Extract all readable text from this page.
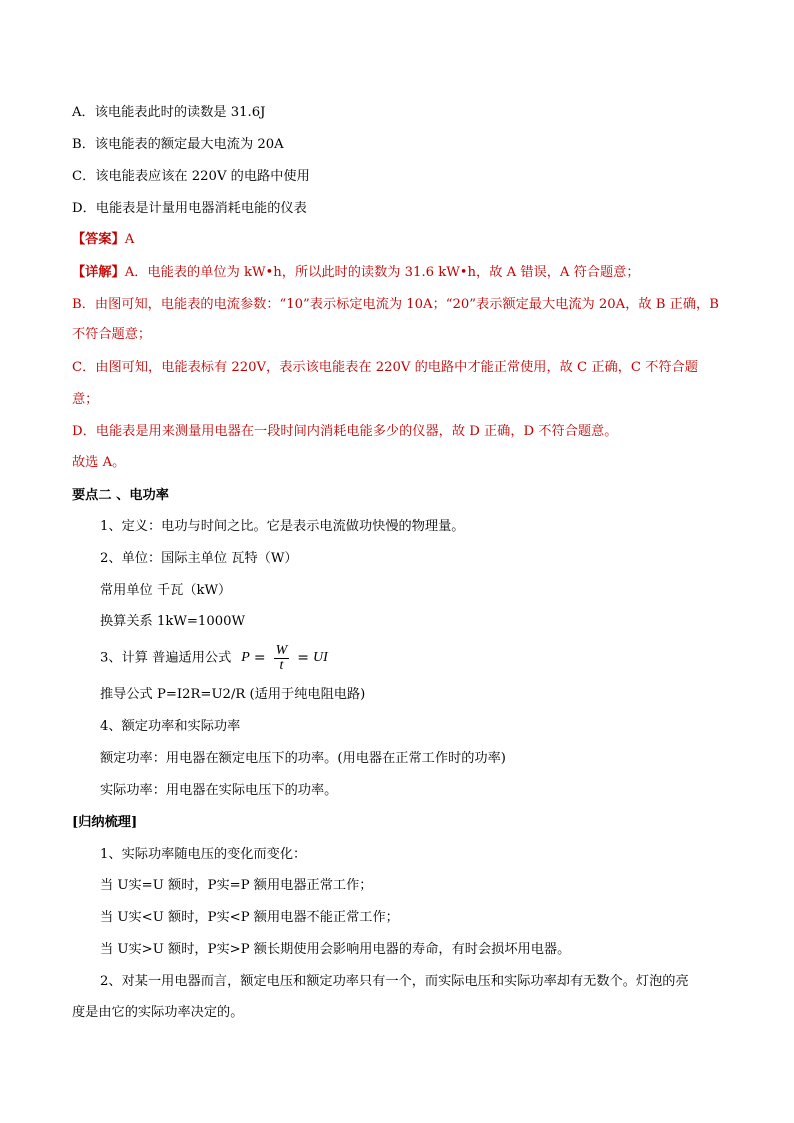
A．该电能表此时的读数是 31.6J
B．该电能表的额定最大电流为 20A
C．该电能表应该在 220V 的电路中使用
D．电能表是计量用电器消耗电能的仪表
【答案】A
【详解】A．电能表的单位为 kW•h，所以此时的读数为 31.6 kW•h，故 A 错误，A 符合题意；
B．由图可知，电能表的电流参数：“10”表示标定电流为 10A；“20”表示额定最大电流为 20A，故 B 正确，B
不符合题意；
C．由图可知，电能表标有 220V，表示该电能表在 220V 的电路中才能正常使用，故 C 正确，C 不符合题
意；
D．电能表是用来测量用电器在一段时间内消耗电能多少的仪器，故 D 正确，D 不符合题意。
故选 A。
要点二 、电功率
1、定义：电功与时间之比。它是表示电流做功快慢的物理量。
2、单位：国际主单位 瓦特（W）
常用单位 千瓦（kW）
换算关系 1kW=1000W
3、计算 普遍适用公式 $P = \frac{W}{t}$ = UI
推导公式 P=I2R=U2/R (适用于纯电阻电路)
4、额定功率和实际功率
额定功率：用电器在额定电压下的功率。(用电器在正常工作时的功率)
实际功率：用电器在实际电压下的功率。
[归纳梳理]
1、实际功率随电压的变化而变化：
当 U实=U 额时，P实=P 额用电器正常工作；
当 U实<U 额时，P实<P 额用电器不能正常工作；
当 U实>U 额时，P实>P 额长期使用会影响用电器的寿命，有时会损坏用电器。
2、对某一用电器而言，额定电压和额定功率只有一个，而实际电压和实际功率却有无数个。灯泡的亮
度是由它的实际功率决定的。
